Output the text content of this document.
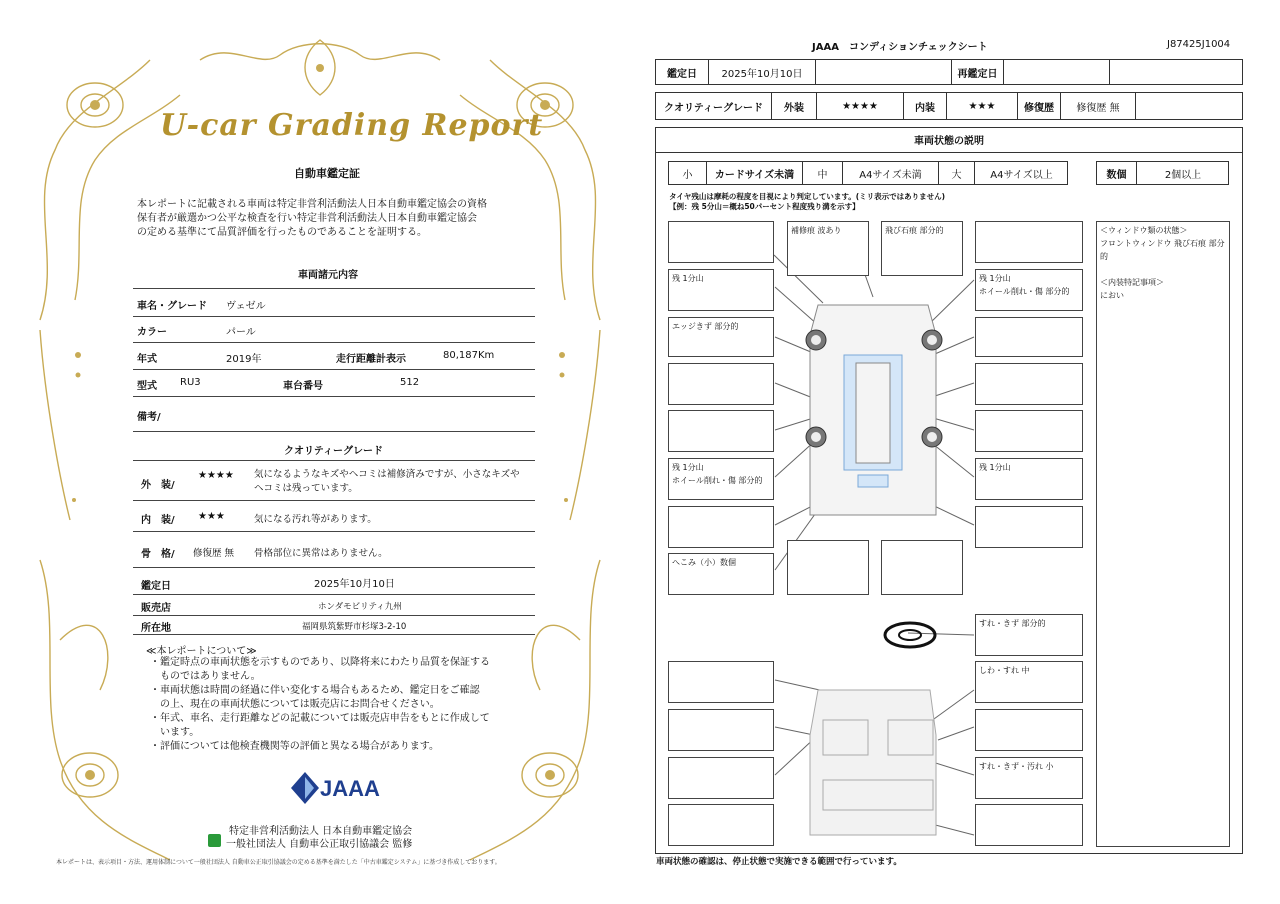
U-car Grading Report
自動車鑑定証
本レポートに記載される車両は特定非営利活動法人日本自動車鑑定協会の資格
保有者が厳選かつ公平な検査を行い特定非営利活動法人日本自動車鑑定協会
の定める基準にて品質評価を行ったものであることを証明する。
車両諸元内容
車名・グレード ヴェゼル
カラー	パール
年式	2019年	走行距離計表示	80,187Km
型式 RU3	車台番号	512
備考/
クオリティーグレード
外　装/
★★★★ 気になるようなキズやヘコミは補修済みですが、小さなキズや
ヘコミは残っています。
内　装/ ★★★	気になる汚れ等があります。
骨　格/ 修復歴 無 骨格部位に異常はありません。
鑑定日	2025年10月10日
販売店	ホンダモビリティ九州
所在地	福岡県筑紫野市杉塚3-2-10
≪本レポートについて≫
・鑑定時点の車両状態を示すものであり、以降将来にわたり品質を保証する
　ものではありません。
・車両状態は時間の経過に伴い変化する場合もあるため、鑑定日をご確認
　の上、現在の車両状態については販売店にお問合せください。
・年式、車名、走行距離などの記載については販売店申告をもとに作成して
　います。
・評価については他検査機関等の評価と異なる場合があります。
JAAA
特定非営利活動法人 日本自動車鑑定協会
一般社団法人 自動車公正取引協議会 監修
本レポートは、表示項目・方法、運用体制について一般社団法人 自動車公正取引協議会の定める基準を満たした「中古車鑑定システム」に基づき作成しております。
JAAA　コンディションチェックシート	J87425J1004
鑑定日	2025年10月10日	再鑑定日
クオリティーグレード	外装	★★★★	内装	★★★	修復歴	修復歴 無
車両状態の説明
小	カードサイズ未満	中	A4サイズ未満	大	A4サイズ以上	数個	2個以上
タイヤ残山は摩耗の程度を目視により判定しています。(ミリ表示ではありません)
【例：残 5分山＝概ね50パーセント程度残り溝を示す】
補修痕 波あり	飛び石痕 部分的
残 1分山	残 1分山
ホイール削れ・傷 部分的
エッジきず 部分的
残 1分山
ホイール削れ・傷 部分的
残 1分山
へこみ（小）数個
すれ・きず 部分的
しわ・すれ 中
すれ・きず・汚れ 小
＜ウィンドウ類の状態＞
フロントウィンドウ 飛び石痕 部分的

＜内装特記事項＞
におい
車両状態の確認は、停止状態で実施できる範囲で行っています。
